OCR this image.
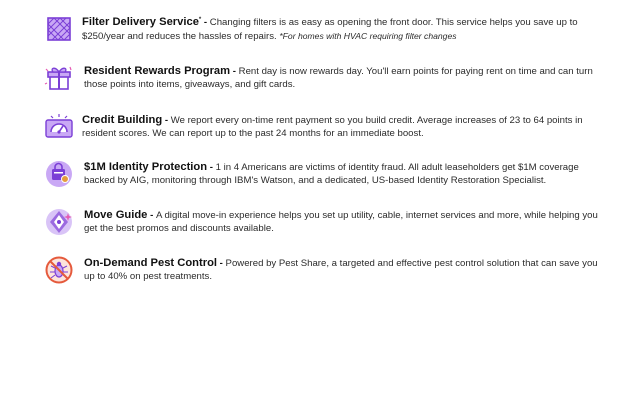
Filter Delivery Service* - Changing filters is as easy as opening the front door. This service helps you save up to $250/year and reduces the hassles of repairs. *For homes with HVAC requiring filter changes
Resident Rewards Program - Rent day is now rewards day. You'll earn points for paying rent on time and can turn those points into items, giveaways, and gift cards.
Credit Building - We report every on-time rent payment so you build credit. Average increases of 23 to 64 points in resident scores. We can report up to the past 24 months for an immediate boost.
$1M Identity Protection - 1 in 4 Americans are victims of identity fraud. All adult leaseholders get $1M coverage backed by AIG, monitoring through IBM's Watson, and a dedicated, US-based Identity Restoration Specialist.
Move Guide - A digital move-in experience helps you set up utility, cable, internet services and more, while helping you get the best promos and discounts available.
On-Demand Pest Control - Powered by Pest Share, a targeted and effective pest control solution that can save you up to 40% on pest treatments.
